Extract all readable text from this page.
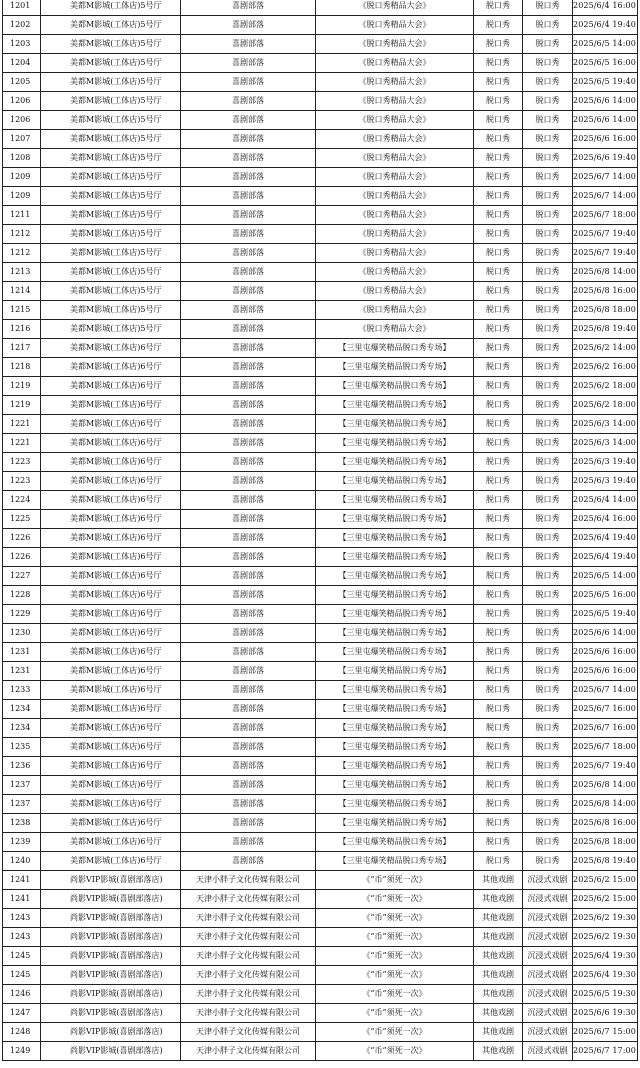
1201	美都M影城(工体店)5号厅	喜剧部落	《脱口秀精品大会》	脱口秀	脱口秀	2025/6/4 16:00
1202	美都M影城(工体店)5号厅	喜剧部落	《脱口秀精品大会》	脱口秀	脱口秀	2025/6/4 19:40
1203	美都M影城(工体店)5号厅	喜剧部落	《脱口秀精品大会》	脱口秀	脱口秀	2025/6/5 14:00
1204	美都M影城(工体店)5号厅	喜剧部落	《脱口秀精品大会》	脱口秀	脱口秀	2025/6/5 16:00
1205	美都M影城(工体店)5号厅	喜剧部落	《脱口秀精品大会》	脱口秀	脱口秀	2025/6/5 19:40
1206	美都M影城(工体店)5号厅	喜剧部落	《脱口秀精品大会》	脱口秀	脱口秀	2025/6/6 14:00
1206	美都M影城(工体店)5号厅	喜剧部落	《脱口秀精品大会》	脱口秀	脱口秀	2025/6/6 14:00
1207	美都M影城(工体店)5号厅	喜剧部落	《脱口秀精品大会》	脱口秀	脱口秀	2025/6/6 16:00
1208	美都M影城(工体店)5号厅	喜剧部落	《脱口秀精品大会》	脱口秀	脱口秀	2025/6/6 19:40
1209	美都M影城(工体店)5号厅	喜剧部落	《脱口秀精品大会》	脱口秀	脱口秀	2025/6/7 14:00
1209	美都M影城(工体店)5号厅	喜剧部落	《脱口秀精品大会》	脱口秀	脱口秀	2025/6/7 14:00
1211	美都M影城(工体店)5号厅	喜剧部落	《脱口秀精品大会》	脱口秀	脱口秀	2025/6/7 18:00
1212	美都M影城(工体店)5号厅	喜剧部落	《脱口秀精品大会》	脱口秀	脱口秀	2025/6/7 19:40
1212	美都M影城(工体店)5号厅	喜剧部落	《脱口秀精品大会》	脱口秀	脱口秀	2025/6/7 19:40
1213	美都M影城(工体店)5号厅	喜剧部落	《脱口秀精品大会》	脱口秀	脱口秀	2025/6/8 14:00
1214	美都M影城(工体店)5号厅	喜剧部落	《脱口秀精品大会》	脱口秀	脱口秀	2025/6/8 16:00
1215	美都M影城(工体店)5号厅	喜剧部落	《脱口秀精品大会》	脱口秀	脱口秀	2025/6/8 18:00
1216	美都M影城(工体店)5号厅	喜剧部落	《脱口秀精品大会》	脱口秀	脱口秀	2025/6/8 19:40
1217	美都M影城(工体店)6号厅	喜剧部落	【三里屯爆笑精品脱口秀专场】	脱口秀	脱口秀	2025/6/2 14:00
1218	美都M影城(工体店)6号厅	喜剧部落	【三里屯爆笑精品脱口秀专场】	脱口秀	脱口秀	2025/6/2 16:00
1219	美都M影城(工体店)6号厅	喜剧部落	【三里屯爆笑精品脱口秀专场】	脱口秀	脱口秀	2025/6/2 18:00
1219	美都M影城(工体店)6号厅	喜剧部落	【三里屯爆笑精品脱口秀专场】	脱口秀	脱口秀	2025/6/2 18:00
1221	美都M影城(工体店)6号厅	喜剧部落	【三里屯爆笑精品脱口秀专场】	脱口秀	脱口秀	2025/6/3 14:00
1221	美都M影城(工体店)6号厅	喜剧部落	【三里屯爆笑精品脱口秀专场】	脱口秀	脱口秀	2025/6/3 14:00
1223	美都M影城(工体店)6号厅	喜剧部落	【三里屯爆笑精品脱口秀专场】	脱口秀	脱口秀	2025/6/3 19:40
1223	美都M影城(工体店)6号厅	喜剧部落	【三里屯爆笑精品脱口秀专场】	脱口秀	脱口秀	2025/6/3 19:40
1224	美都M影城(工体店)6号厅	喜剧部落	【三里屯爆笑精品脱口秀专场】	脱口秀	脱口秀	2025/6/4 14:00
1225	美都M影城(工体店)6号厅	喜剧部落	【三里屯爆笑精品脱口秀专场】	脱口秀	脱口秀	2025/6/4 16:00
1226	美都M影城(工体店)6号厅	喜剧部落	【三里屯爆笑精品脱口秀专场】	脱口秀	脱口秀	2025/6/4 19:40
1226	美都M影城(工体店)6号厅	喜剧部落	【三里屯爆笑精品脱口秀专场】	脱口秀	脱口秀	2025/6/4 19:40
1227	美都M影城(工体店)6号厅	喜剧部落	【三里屯爆笑精品脱口秀专场】	脱口秀	脱口秀	2025/6/5 14:00
1228	美都M影城(工体店)6号厅	喜剧部落	【三里屯爆笑精品脱口秀专场】	脱口秀	脱口秀	2025/6/5 16:00
1229	美都M影城(工体店)6号厅	喜剧部落	【三里屯爆笑精品脱口秀专场】	脱口秀	脱口秀	2025/6/5 19:40
1230	美都M影城(工体店)6号厅	喜剧部落	【三里屯爆笑精品脱口秀专场】	脱口秀	脱口秀	2025/6/6 14:00
1231	美都M影城(工体店)6号厅	喜剧部落	【三里屯爆笑精品脱口秀专场】	脱口秀	脱口秀	2025/6/6 16:00
1231	美都M影城(工体店)6号厅	喜剧部落	【三里屯爆笑精品脱口秀专场】	脱口秀	脱口秀	2025/6/6 16:00
1233	美都M影城(工体店)6号厅	喜剧部落	【三里屯爆笑精品脱口秀专场】	脱口秀	脱口秀	2025/6/7 14:00
1234	美都M影城(工体店)6号厅	喜剧部落	【三里屯爆笑精品脱口秀专场】	脱口秀	脱口秀	2025/6/7 16:00
1234	美都M影城(工体店)6号厅	喜剧部落	【三里屯爆笑精品脱口秀专场】	脱口秀	脱口秀	2025/6/7 16:00
1235	美都M影城(工体店)6号厅	喜剧部落	【三里屯爆笑精品脱口秀专场】	脱口秀	脱口秀	2025/6/7 18:00
1236	美都M影城(工体店)6号厅	喜剧部落	【三里屯爆笑精品脱口秀专场】	脱口秀	脱口秀	2025/6/7 19:40
1237	美都M影城(工体店)6号厅	喜剧部落	【三里屯爆笑精品脱口秀专场】	脱口秀	脱口秀	2025/6/8 14:00
1237	美都M影城(工体店)6号厅	喜剧部落	【三里屯爆笑精品脱口秀专场】	脱口秀	脱口秀	2025/6/8 14:00
1238	美都M影城(工体店)6号厅	喜剧部落	【三里屯爆笑精品脱口秀专场】	脱口秀	脱口秀	2025/6/8 16:00
1239	美都M影城(工体店)6号厅	喜剧部落	【三里屯爆笑精品脱口秀专场】	脱口秀	脱口秀	2025/6/8 18:00
1240	美都M影城(工体店)6号厅	喜剧部落	【三里屯爆笑精品脱口秀专场】	脱口秀	脱口秀	2025/6/8 19:40
1241	尚影VIP影城(喜剧部落店)	天津小胖子文化传媒有限公司	《“币”须死一次》	其他戏剧	沉浸式戏剧	2025/6/2 15:00
1241	尚影VIP影城(喜剧部落店)	天津小胖子文化传媒有限公司	《“币”须死一次》	其他戏剧	沉浸式戏剧	2025/6/2 15:00
1243	尚影VIP影城(喜剧部落店)	天津小胖子文化传媒有限公司	《“币”须死一次》	其他戏剧	沉浸式戏剧	2025/6/2 19:30
1243	尚影VIP影城(喜剧部落店)	天津小胖子文化传媒有限公司	《“币”须死一次》	其他戏剧	沉浸式戏剧	2025/6/2 19:30
1245	尚影VIP影城(喜剧部落店)	天津小胖子文化传媒有限公司	《“币”须死一次》	其他戏剧	沉浸式戏剧	2025/6/4 19:30
1245	尚影VIP影城(喜剧部落店)	天津小胖子文化传媒有限公司	《“币”须死一次》	其他戏剧	沉浸式戏剧	2025/6/4 19:30
1246	尚影VIP影城(喜剧部落店)	天津小胖子文化传媒有限公司	《“币”须死一次》	其他戏剧	沉浸式戏剧	2025/6/5 19:30
1247	尚影VIP影城(喜剧部落店)	天津小胖子文化传媒有限公司	《“币”须死一次》	其他戏剧	沉浸式戏剧	2025/6/6 19:30
1248	尚影VIP影城(喜剧部落店)	天津小胖子文化传媒有限公司	《“币”须死一次》	其他戏剧	沉浸式戏剧	2025/6/7 15:00
1249	尚影VIP影城(喜剧部落店)	天津小胖子文化传媒有限公司	《“币”须死一次》	其他戏剧	沉浸式戏剧	2025/6/7 17:00
